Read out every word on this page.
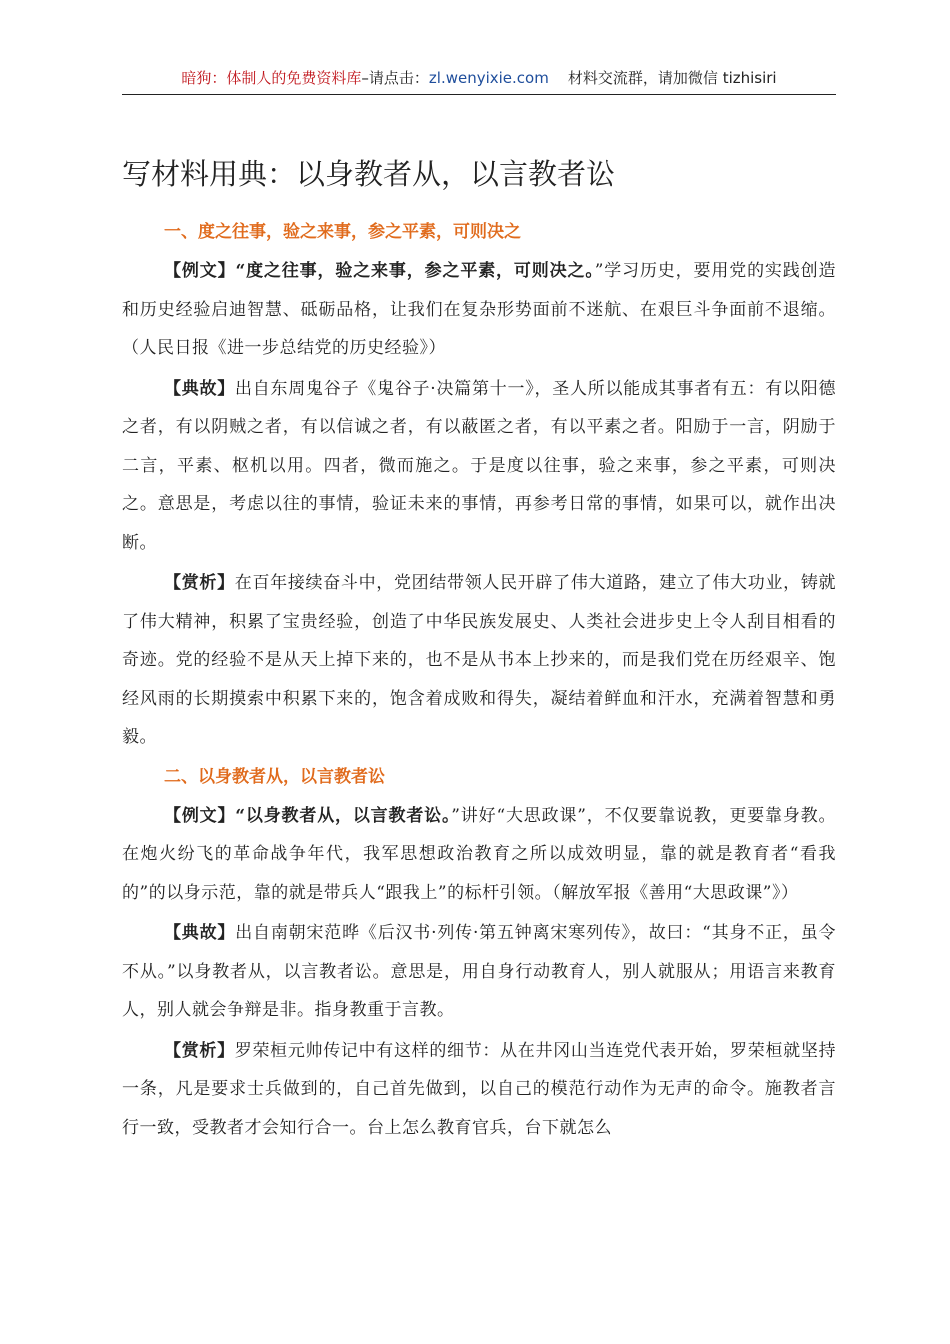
暗狗：体制人的免费资料库–请点击：zl.wenyixie.com 材料交流群，请加微信 tizhisiri
写材料用典：以身教者从，以言教者讼

一、度之往事，验之来事，参之平素，可则决之

【例文】“度之往事，验之来事，参之平素，可则决之。”学习历史，要用党的实践创造和历史经验启迪智慧、砥砺品格，让我们在复杂形势面前不迷航、在艰巨斗争面前不退缩。（人民日报《进一步总结党的历史经验》）

【典故】出自东周鬼谷子《鬼谷子·决篇第十一》，圣人所以能成其事者有五：有以阳德之者，有以阴贼之者，有以信诚之者，有以蔽匿之者，有以平素之者。阳励于一言，阴励于二言，平素、枢机以用。四者，微而施之。于是度以往事，验之来事，参之平素，可则决之。意思是，考虑以往的事情，验证未来的事情，再参考日常的事情，如果可以，就作出决断。

【赏析】在百年接续奋斗中，党团结带领人民开辟了伟大道路，建立了伟大功业，铸就了伟大精神，积累了宝贵经验，创造了中华民族发展史、人类社会进步史上令人刮目相看的奇迹。党的经验不是从天上掉下来的，也不是从书本上抄来的，而是我们党在历经艰辛、饱经风雨的长期摸索中积累下来的，饱含着成败和得失，凝结着鲜血和汗水，充满着智慧和勇毅。

二、以身教者从，以言教者讼

【例文】“以身教者从，以言教者讼。”讲好“大思政课”，不仅要靠说教，更要靠身教。在炮火纷飞的革命战争年代，我军思想政治教育之所以成效明显，靠的就是教育者“看我的”的以身示范，靠的就是带兵人“跟我上”的标杆引领。（解放军报《善用“大思政课”》）

【典故】出自南朝宋范晔《后汉书·列传·第五钟离宋寒列传》，故曰：“其身不正，虽令不从。”以身教者从，以言教者讼。意思是，用自身行动教育人，别人就服从；用语言来教育人，别人就会争辩是非。指身教重于言教。

【赏析】罗荣桓元帅传记中有这样的细节：从在井冈山当连党代表开始，罗荣桓就坚持一条，凡是要求士兵做到的，自己首先做到，以自己的模范行动作为无声的命令。施教者言行一致，受教者才会知行合一。台上怎么教育官兵，台下就怎么
